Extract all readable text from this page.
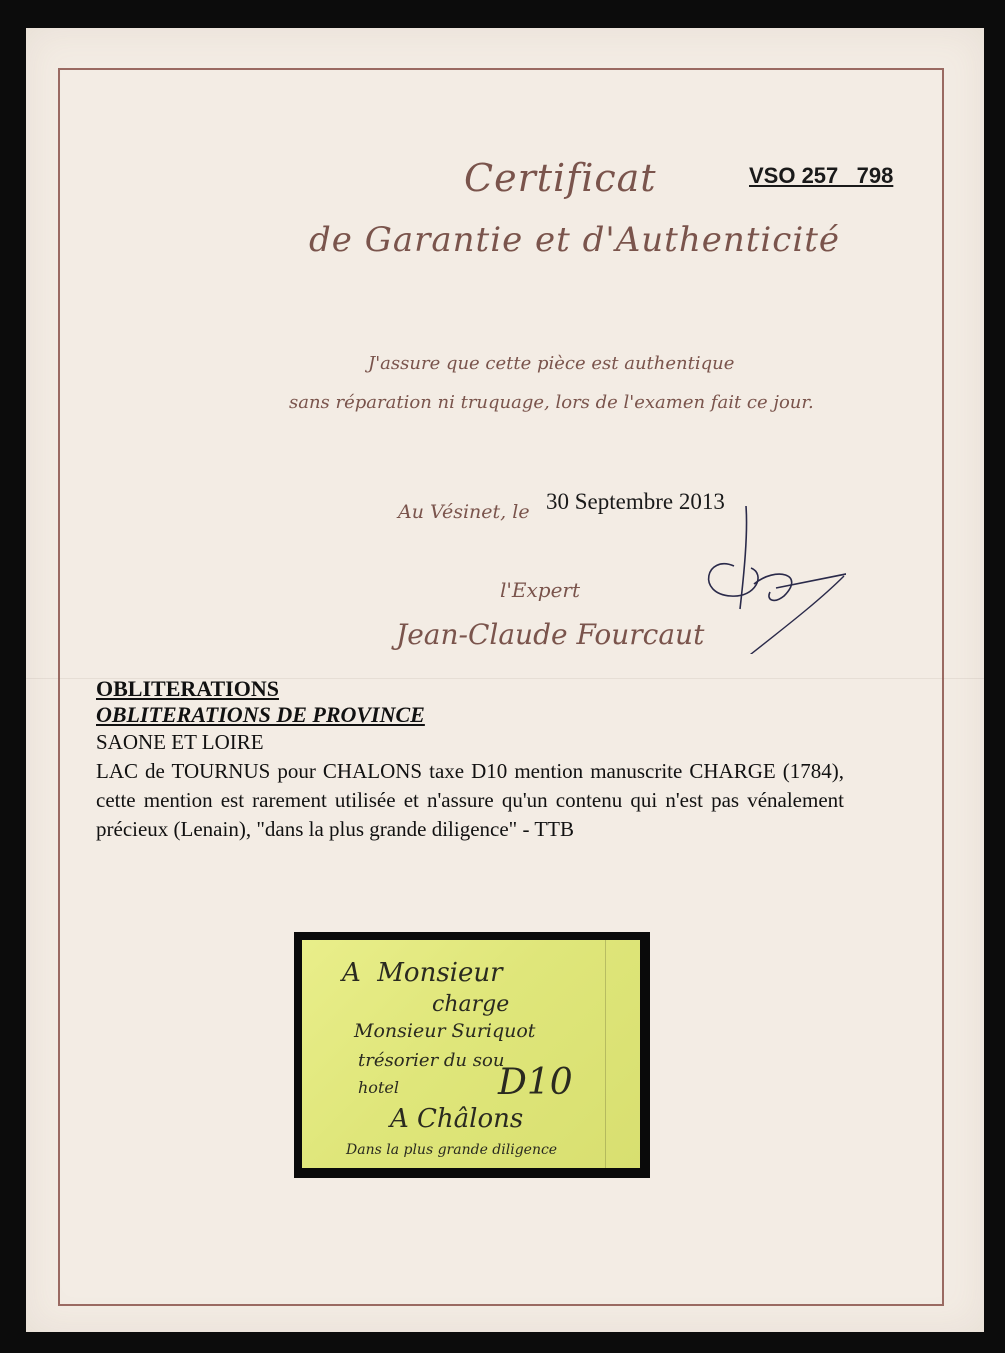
Certificat
de Garantie et d'Authenticité
VSO 257   798
J'assure que cette pièce est authentique
sans réparation ni truquage, lors de l'examen fait ce jour.
Au Vésinet, le 30 Septembre 2013
l'Expert
Jean-Claude Fourcaut
OBLITERATIONS
OBLITERATIONS DE PROVINCE
SAONE ET LOIRE
LAC de TOURNUS pour CHALONS taxe D10 mention manuscrite CHARGE (1784), cette mention est rarement utilisée et n'assure qu'un contenu qui n'est pas vénalement précieux (Lenain), "dans la plus grande diligence" - TTB
A  Monsieur
charge
Monsieur Suriquot
trésorier du sou
hotel	D10
A Châlons
Dans la plus grande diligence
